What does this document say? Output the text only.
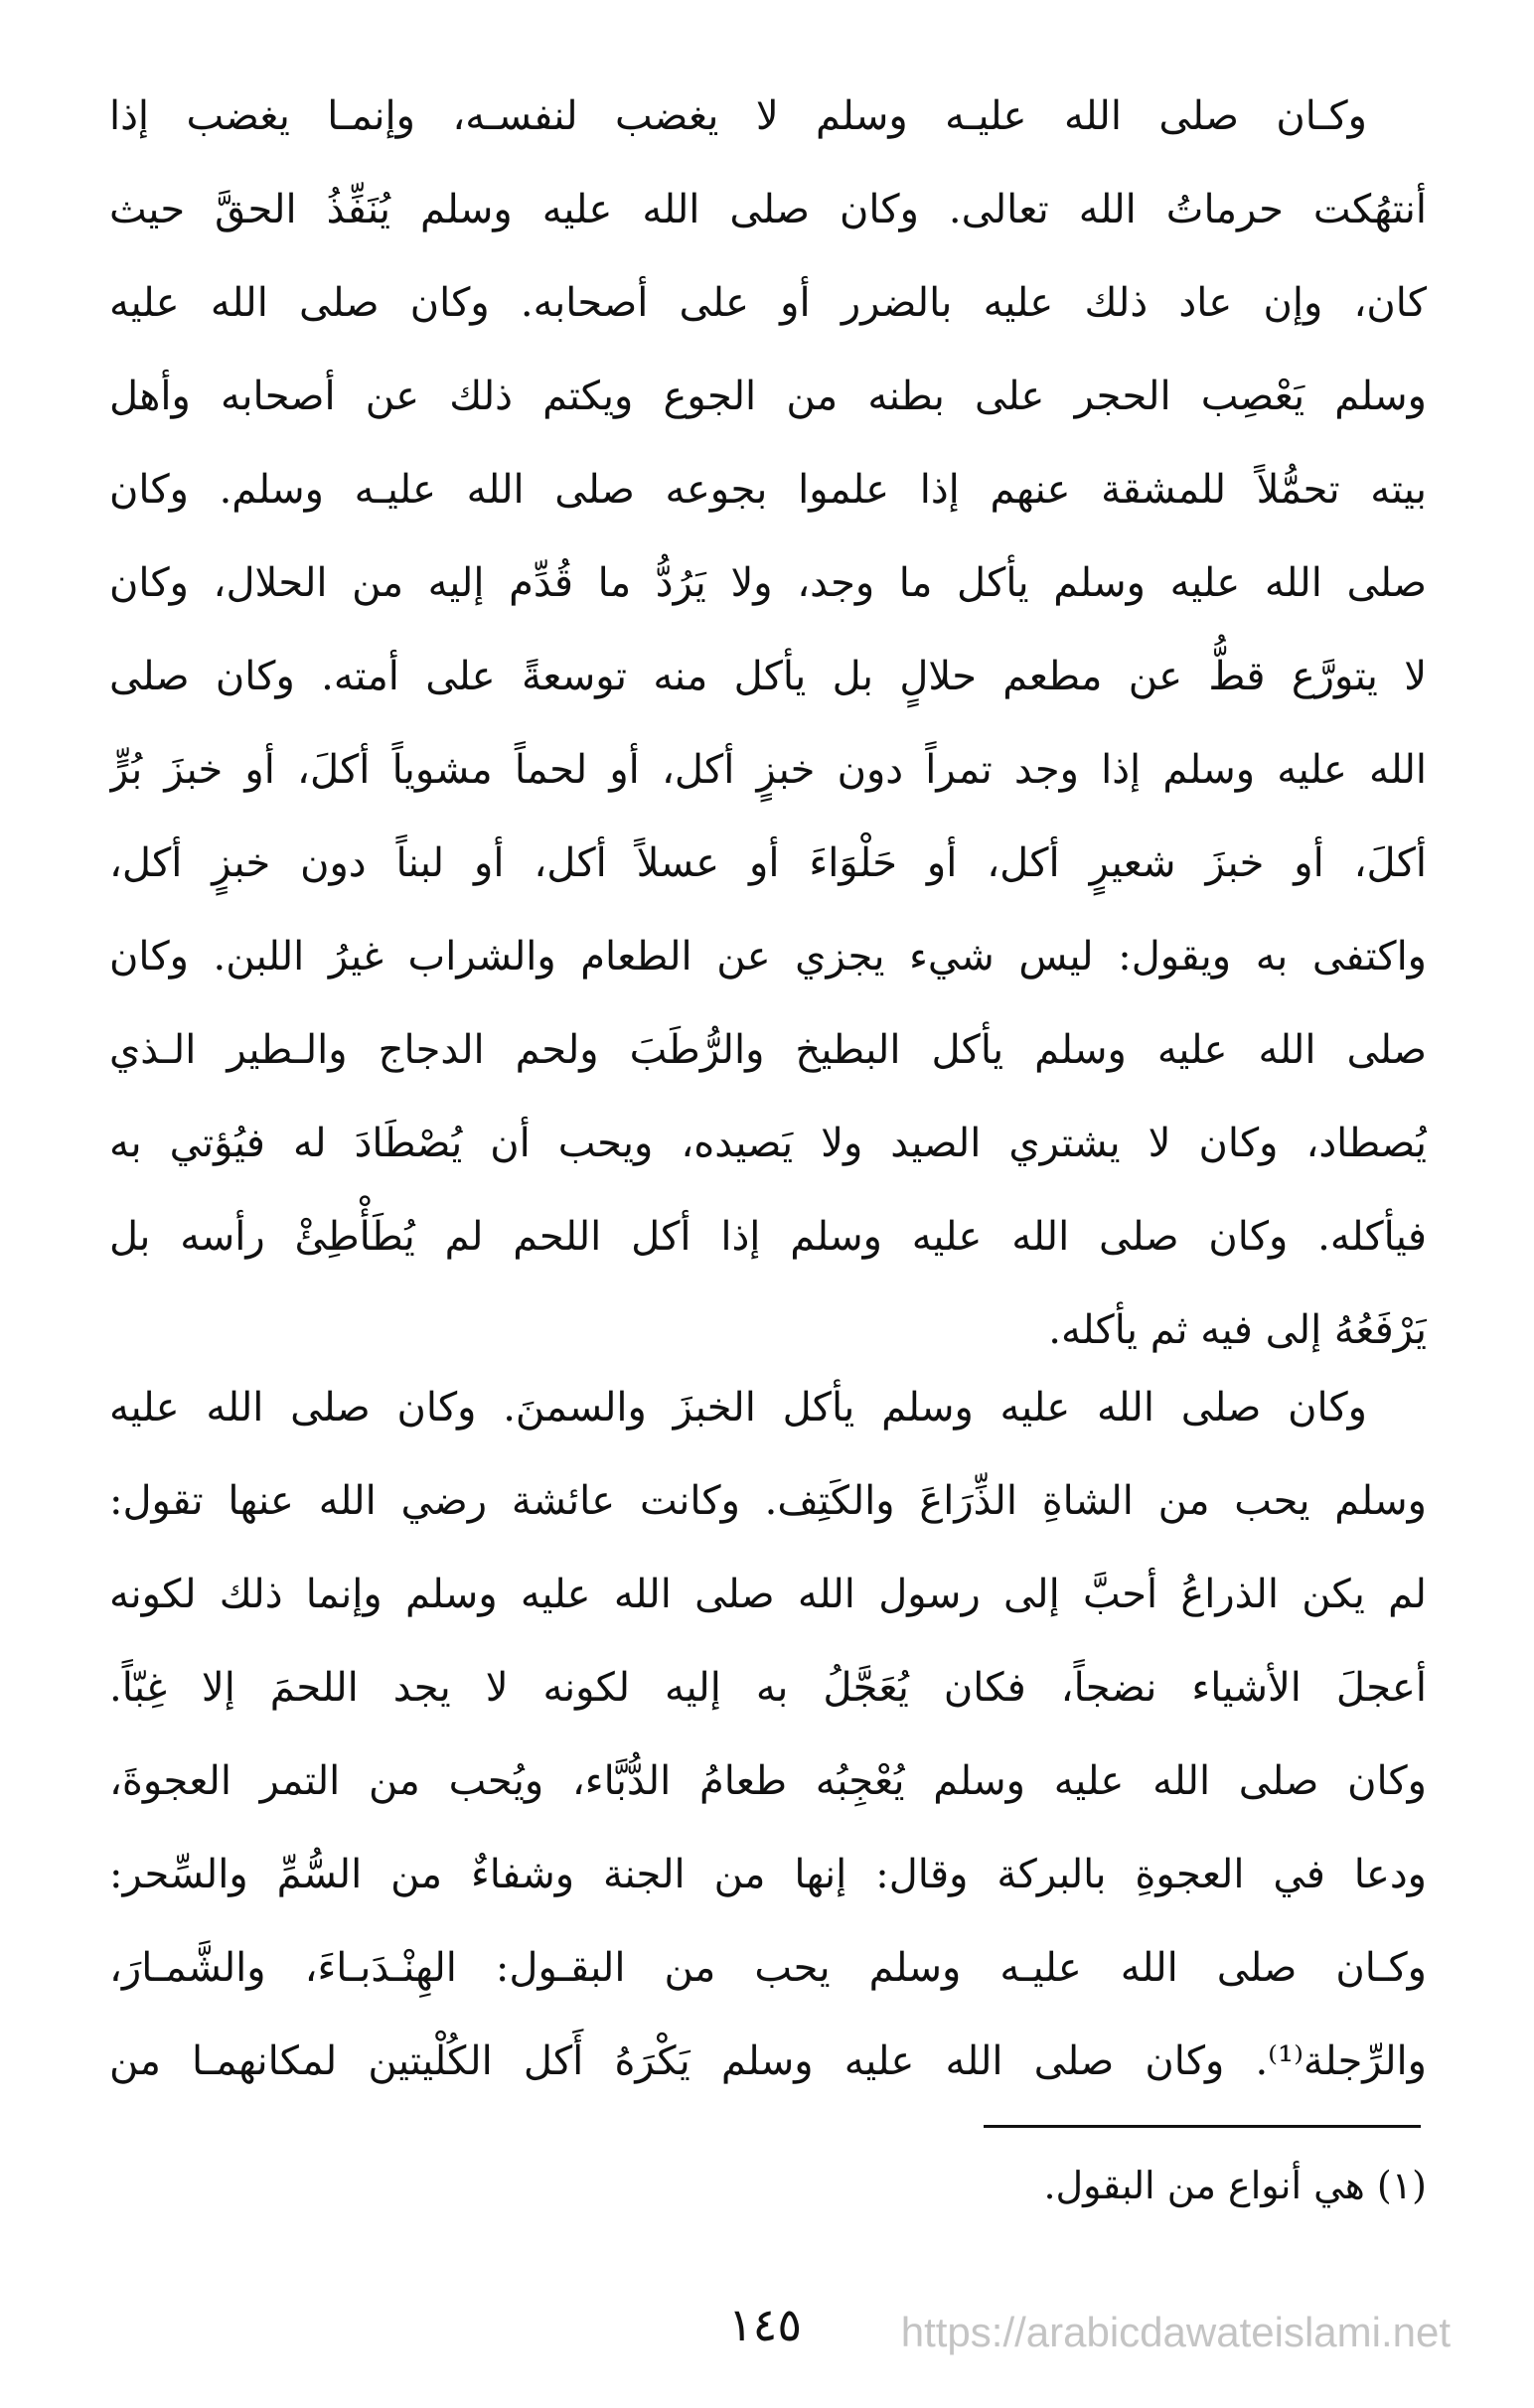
وكـان صلى الله عليـه وسلم لا يغضب لنفسـه، وإنمـا يغضب إذا
أنتهُكت حرماتُ الله تعالى. وكان صلى الله عليه وسلم يُنَفِّذُ الحقَّ حيث
كان، وإن عاد ذلك عليه بالضرر أو على أصحابه. وكان صلى الله عليه
وسلم يَعْصِب الحجر على بطنه من الجوع ويكتم ذلك عن أصحابه وأهل
بيته تحمُّلاً للمشقة عنهم إذا علموا بجوعه صلى الله عليـه وسلم. وكان
صلى الله عليه وسلم يأكل ما وجد، ولا يَرُدُّ ما قُدِّم إليه من الحلال، وكان
لا يتورَّع قطُّ عن مطعم حلالٍ بل يأكل منه توسعةً على أمته. وكان صلى
الله عليه وسلم إذا وجد تمراً دون خبزٍ أكل، أو لحماً مشوياً أكلَ، أو خبزَ بُرٍّ
أكلَ، أو خبزَ شعيرٍ أكل، أو حَلْوَاءَ أو عسلاً أكل، أو لبناً دون خبزٍ أكل،
واكتفى به ويقول: ليس شيء يجزي عن الطعام والشراب غيرُ اللبن. وكان
صلى الله عليه وسلم يأكل البطيخ والرُّطَبَ ولحم الدجاج والـطير الـذي
يُصطاد، وكان لا يشتري الصيد ولا يَصيده، ويحب أن يُصْطَادَ له فيُؤتي به
فيأكله. وكان صلى الله عليه وسلم إذا أكل اللحم لم يُطَأْطِئْ رأسه بل
يَرْفَعُهُ إلى فيه ثم يأكله.
وكان صلى الله عليه وسلم يأكل الخبزَ والسمنَ. وكان صلى الله عليه
وسلم يحب من الشاةِ الذِّرَاعَ والكَتِف. وكانت عائشة رضي الله عنها تقول:
لم يكن الذراعُ أحبَّ إلى رسول الله صلى الله عليه وسلم وإنما ذلك لكونه
أعجلَ الأشياء نضجاً، فكان يُعَجَّلُ به إليه لكونه لا يجد اللحمَ إلا غِبّاً.
وكان صلى الله عليه وسلم يُعْجِبُه طعامُ الدُّبَّاء، ويُحب من التمر العجوةَ،
ودعا في العجوةِ بالبركة وقال: إنها من الجنة وشفاءٌ من السُّمِّ والسِّحر:
وكـان صلى الله عليـه وسلم يحب من البقـول: الهِنْـدَبـاءَ، والشَّمـارَ،
والرِّجلة⁽¹⁾. وكان صلى الله عليه وسلم يَكْرَهُ أَكل الكُلْيتين لمكانهمـا من
(١) هي أنواع من البقول.
١٤٥	https://arabicdawateislami.net
